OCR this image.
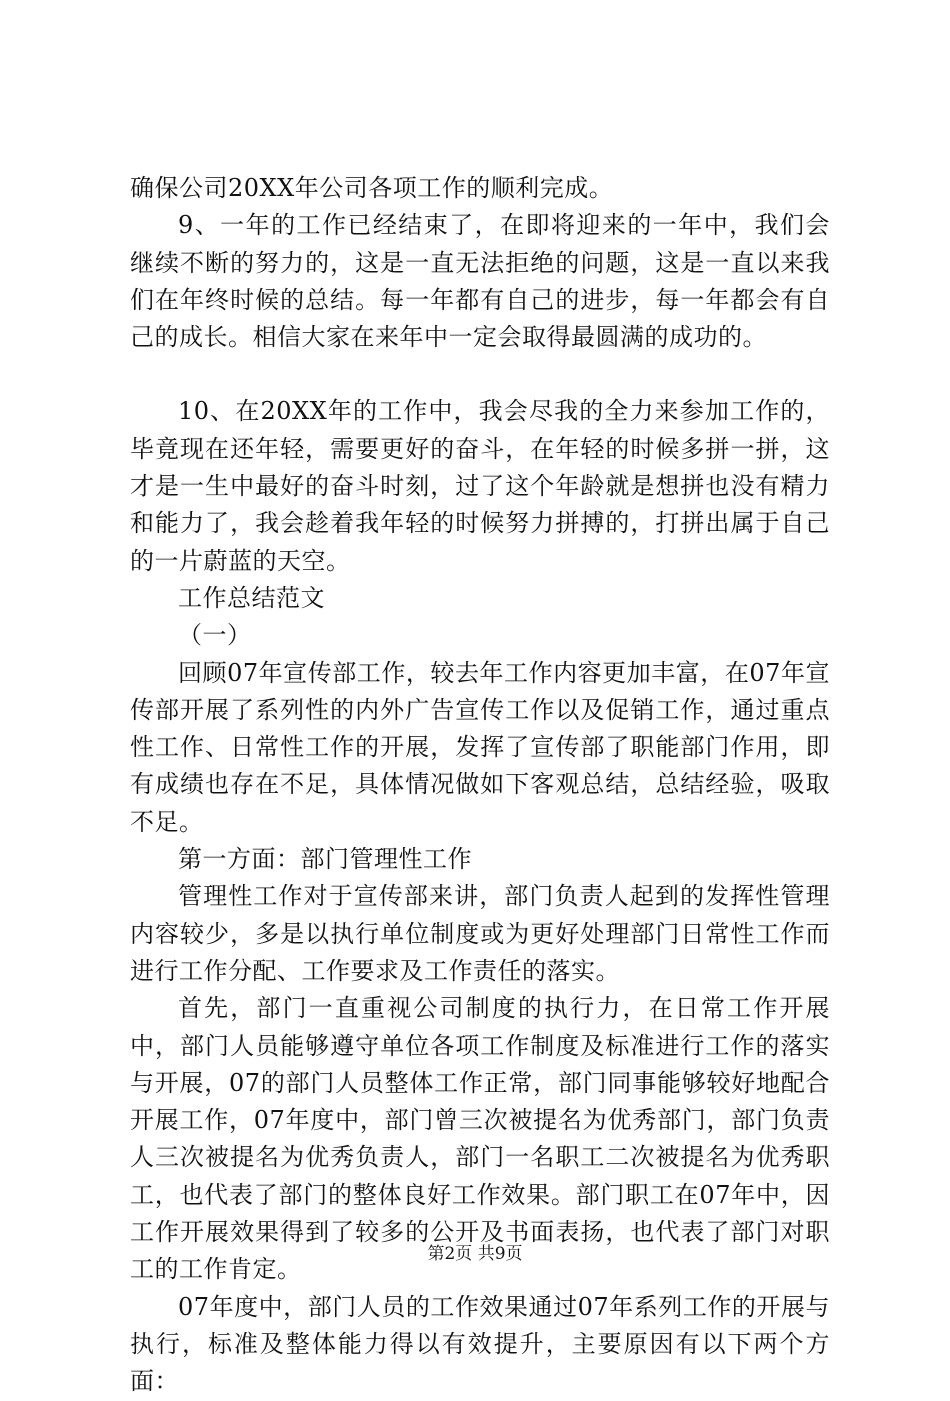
确保公司20XX年公司各项工作的顺利完成。

9、一年的工作已经结束了，在即将迎来的一年中，我们会继续不断的努力的，这是一直无法拒绝的问题，这是一直以来我们在年终时候的总结。每一年都有自己的进步，每一年都会有自己的成长。相信大家在来年中一定会取得最圆满的成功的。

10、在20XX年的工作中，我会尽我的全力来参加工作的，毕竟现在还年轻，需要更好的奋斗，在年轻的时候多拼一拼，这才是一生中最好的奋斗时刻，过了这个年龄就是想拼也没有精力和能力了，我会趁着我年轻的时候努力拼搏的，打拼出属于自己的一片蔚蓝的天空。

工作总结范文

（一）

回顾07年宣传部工作，较去年工作内容更加丰富，在07年宣传部开展了系列性的内外广告宣传工作以及促销工作，通过重点性工作、日常性工作的开展，发挥了宣传部了职能部门作用，即有成绩也存在不足，具体情况做如下客观总结，总结经验，吸取不足。

第一方面：部门管理性工作

管理性工作对于宣传部来讲，部门负责人起到的发挥性管理内容较少，多是以执行单位制度或为更好处理部门日常性工作而进行工作分配、工作要求及工作责任的落实。

首先，部门一直重视公司制度的执行力，在日常工作开展中，部门人员能够遵守单位各项工作制度及标准进行工作的落实与开展，07的部门人员整体工作正常，部门同事能够较好地配合开展工作，07年度中，部门曾三次被提名为优秀部门，部门负责人三次被提名为优秀负责人，部门一名职工二次被提名为优秀职工，也代表了部门的整体良好工作效果。部门职工在07年中，因工作开展效果得到了较多的公开及书面表扬，也代表了部门对职工的工作肯定。

07年度中，部门人员的工作效果通过07年系列工作的开展与执行，标准及整体能力得以有效提升，主要原因有以下两个方面：

第2页 共9页
